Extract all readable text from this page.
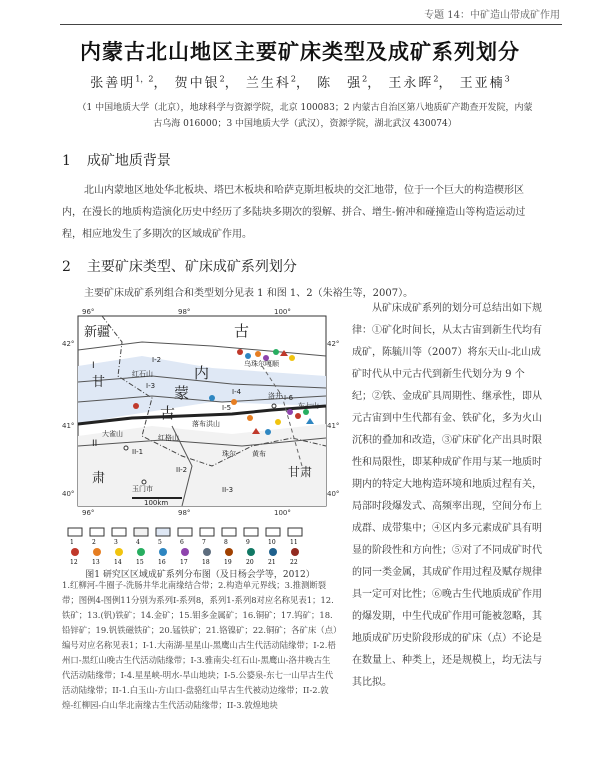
专题 14：中矿造山带成矿作用
内蒙古北山地区主要矿床类型及成矿系列划分
张善明$^{1,2}$， 贺中银$^2$， 兰生科$^2$， 陈　强$^2$， 王永晖$^2$， 王亚楠$^3$
（1 中国地质大学（北京），地球科学与资源学院，北京 100083；2 内蒙古自治区第八地质矿产勘查开发院，内蒙古乌海 016000；3 中国地质大学（武汉），资源学院，湖北武汉 430074）
1 成矿地质背景

北山内蒙地区地处华北板块、塔巴木板块和哈萨克斯坦板块的交汇地带，位于一个巨大的构造楔形区内，在漫长的地质构造演化历史中经历了多陆块多期次的裂解、拼合、增生-俯冲和碰撞造山等构造运动过程，相应地发生了多期次的区域成矿作用。

2 主要矿床类型、矿床成矿系列划分

主要矿床成矿系列组合和类型划分见表 1 和图 1、2（朱裕生等，2007）。

96°	98°	100°
96°	98°	100°
42°
41°
40°
42°
41°
40°
新疆	古
内
蒙
古
甘
肃	甘肃
I
II
II-1
II-2
II-3
I-2
I-3
I-4
I-5
I-6
红石山
大雀山
乌珠尔嘎顺
红格山
洛井
东七山
玉门市
珠尔 黄布
落布洪山
100km
1	2	3	4	5	6	7	8	9	10 11
12 13 14 15 16 17 18 19 20 21 22
图1 研究区区域成矿系列分布图（及日杨会学等，2012）

1.红柳河-牛圈子-洗肠井华北南缘结合带；2.构造单元界线；3.推测断裂带；图例4-图例11分别为系列I-系列8，系列1-系列8对应名称见表1；12.铁矿；13.(钒)铁矿；14.金矿；15.钼多金属矿；16.铜矿；17.钨矿；18.铅锌矿；19.钒铁磁铁矿；20.锰铁矿；21.铬镍矿；22.铜矿；各矿床（点）编号对应名称见表1；I-1.大南湖-星星山-黑鹰山古生代活动陆缘带；I-2.梧州口-黑红山晚古生代活动陆缘带；I-3.雅南尖-红石山-黑鹰山-洛井晚古生代活动陆缘带；I-4.星星峡-明水-旱山地块；I-5.公婆泉-东七一山早古生代活动陆缘带；II-1.白玉山-方山口-盘骆红山早古生代被动边缘带；II-2.敦煌-红柳园-白山华北南缘古生代活动陆缘带；II-3.敦煌地块

从矿床成矿系列的划分可总结出如下规律：①矿化时间长，从太古宙到新生代均有成矿，陈毓川等（2007）将东天山-北山成矿时代从中元古代到新生代划分为 9 个纪；②铁、金成矿具周期性、继承性，即从元古宙到中生代都有金、铁矿化，多为火山沉积的叠加和改造，③矿床矿化产出具时限性和局限性，即某种成矿作用与某一地质时期内的特定大地构造环境和地质过程有关，局部时段爆发式、高频率出现，空间分布上成群、成带集中；④区内多元素成矿具有明显的阶段性和方向性；⑤对了不同成矿时代的同一类金属，其成矿作用过程及赋存规律具一定可对比性；⑥晚古生代地质成矿作用的爆发期，中生代成矿作用可能被忽略，其地质成矿历史阶段形成的矿床（点）不论是在数量上、种类上，还是规模上，均无法与其比拟。
